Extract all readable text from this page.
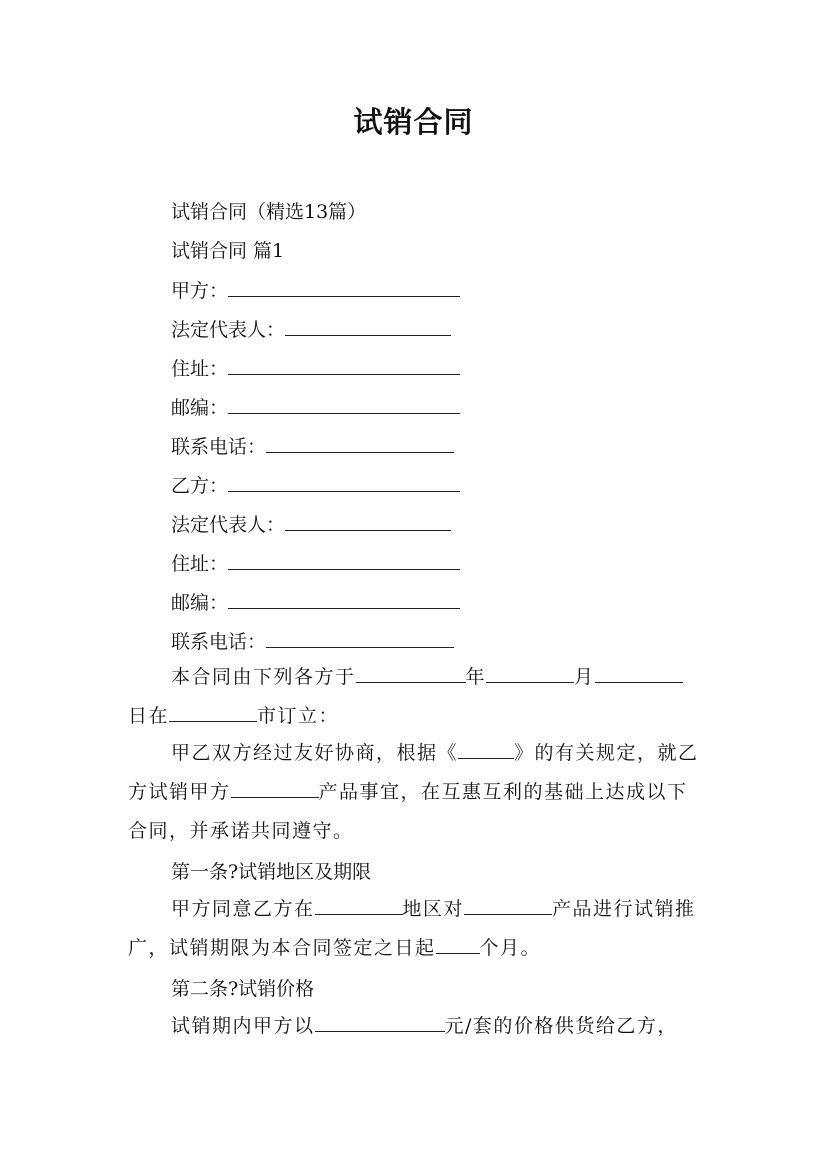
试销合同
试销合同（精选13篇）
试销合同 篇1
甲方：
法定代表人：
住址：
邮编：
联系电话：
乙方：
法定代表人：
住址：
邮编：
联系电话：
本合同由下列各方于	年	月日在	市订立：
甲乙双方经过友好协商，根据《	》的有关规定，就乙方试销甲方	产品事宜，在互惠互利的基础上达成以下合同，并承诺共同遵守。
第一条?试销地区及期限
甲方同意乙方在	地区对	产品进行试销推广，试销期限为本合同签定之日起 个月。
第二条?试销价格
试销期内甲方以	元/套的价格供货给乙方，
